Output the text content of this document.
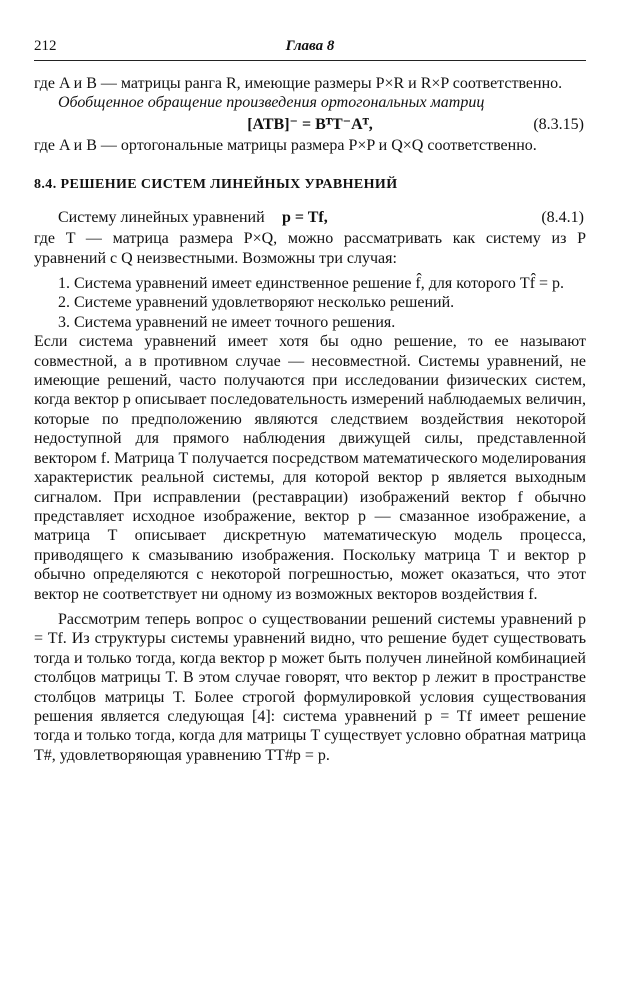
212	Глава 8

где A и B — матрицы ранга R, имеющие размеры P×R и R×P соответственно.

Обобщенное обращение произведения ортогональных матриц

[ATB]⁻ = BᵀT⁻Aᵀ,	(8.3.15)

где A и B — ортогональные матрицы размера P×P и Q×Q соответственно.

8.4. РЕШЕНИЕ СИСТЕМ ЛИНЕЙНЫХ УРАВНЕНИЙ
Систему линейных уравнений p = Tf,	(8.4.1)

где T — матрица размера P×Q, можно рассматривать как систему из P уравнений с Q неизвестными. Возможны три случая:

1. Система уравнений имеет единственное решение f̂, для которого Tf̂ = p.

2. Системе уравнений удовлетворяют несколько решений.

3. Система уравнений не имеет точного решения.

Если система уравнений имеет хотя бы одно решение, то ее называют совместной, а в противном случае — несовместной. Системы уравнений, не имеющие решений, часто получаются при исследовании физических систем, когда вектор p описывает последовательность измерений наблюдаемых величин, которые по предположению являются следствием воздействия некоторой недоступной для прямого наблюдения движущей силы, представленной вектором f. Матрица T получается посредством математического моделирования характеристик реальной системы, для которой вектор p является выходным сигналом. При исправлении (реставрации) изображений вектор f обычно представляет исходное изображение, вектор p — смазанное изображение, а матрица T описывает дискретную математическую модель процесса, приводящего к смазыванию изображения. Поскольку матрица T и вектор p обычно определяются с некоторой погрешностью, может оказаться, что этот вектор не соответствует ни одному из возможных векторов воздействия f.

Рассмотрим теперь вопрос о существовании решений системы уравнений p = Tf. Из структуры системы уравнений видно, что решение будет существовать тогда и только тогда, когда вектор p может быть получен линейной комбинацией столбцов матрицы T. В этом случае говорят, что вектор p лежит в пространстве столбцов матрицы T. Более строгой формулировкой условия существования решения является следующая [4]: система уравнений p = Tf имеет решение тогда и только тогда, когда для матрицы T существует условно обратная матрица T#, удовлетворяющая уравнению TT#p = p.
